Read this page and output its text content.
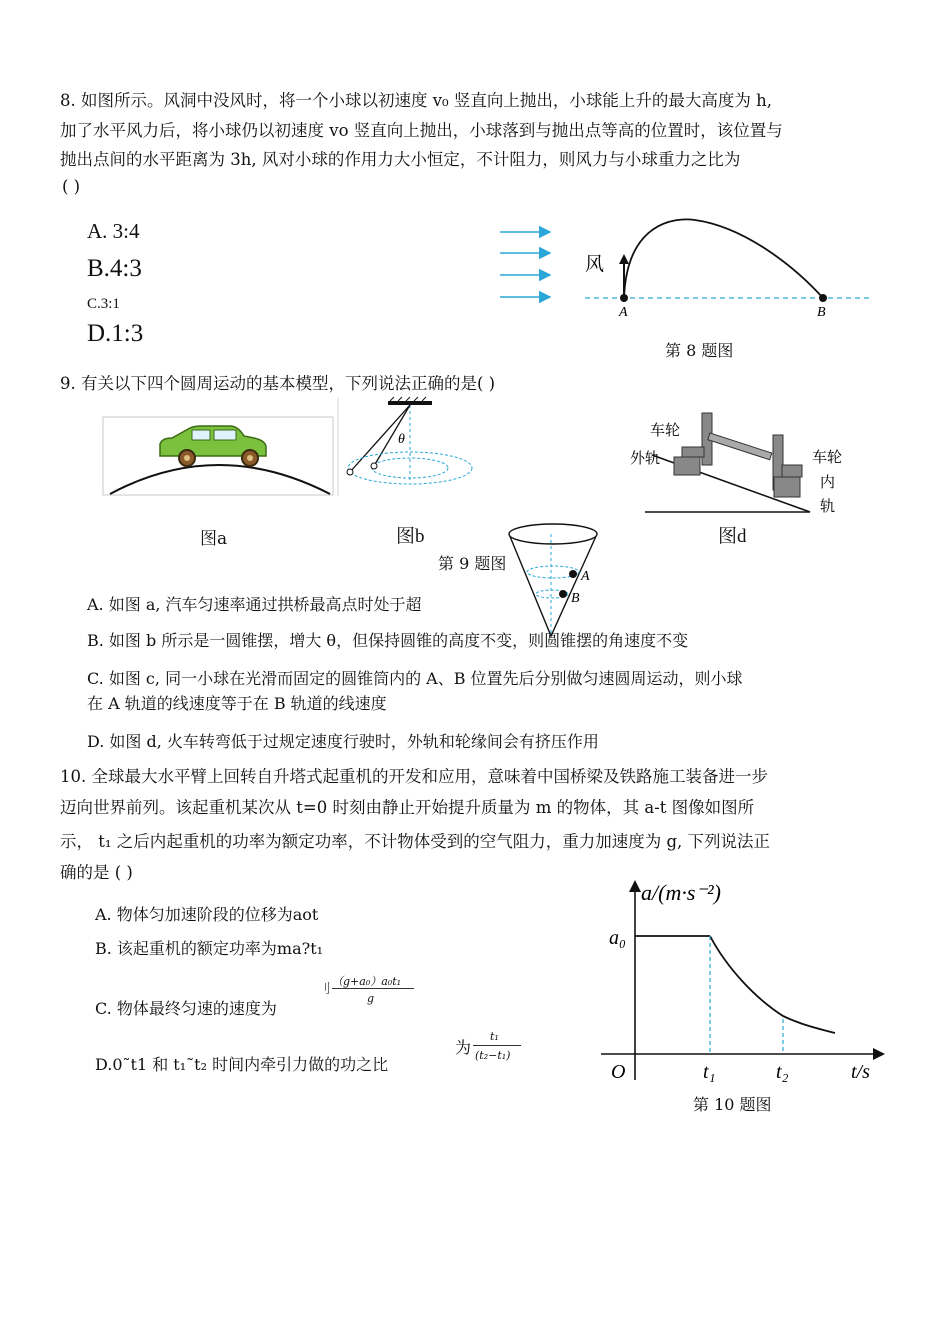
8. 如图所示。风洞中没风时，将一个小球以初速度 v₀ 竖直向上抛出，小球能上升的最大高度为 h,
加了水平风力后，将小球仍以初速度 vo 竖直向上抛出，小球落到与抛出点等高的位置时，该位置与
抛出点间的水平距离为 3h, 风对小球的作用力大小恒定，不计阻力，则风力与小球重力之比为
( )
A. 3:4
B.4:3
C.3:1
D.1:3
风
A	B
第 8 题图
9. 有关以下四个圆周运动的基本模型，下列说法正确的是( )
θ
车轮
外轨	车轮
内
轨
图a	图b	图d
第 9 题图
A
B
A. 如图 a, 汽车匀速率通过拱桥最高点时处于超
B. 如图 b 所示是一圆锥摆，增大 θ，但保持圆锥的高度不变，则圆锥摆的角速度不变
C. 如图 c, 同一小球在光滑而固定的圆锥筒内的 A、B 位置先后分别做匀速圆周运动，则小球
在 A 轨道的线速度等于在 B 轨道的线速度
D. 如图 d, 火车转弯低于过规定速度行驶时，外轨和轮缘间会有挤压作用
10. 全球最大水平臂上回转自升塔式起重机的开发和应用，意味着中国桥梁及铁路施工装备进一步
迈向世界前列。该起重机某次从 t=0 时刻由静止开始提升质量为 m 的物体，其 a-t 图像如图所
示， t₁ 之后内起重机的功率为额定功率，不计物体受到的空气阻力，重力加速度为 g, 下列说法正
确的是 ( )
A. 物体匀加速阶段的位移为aot
B. 该起重机的额定功率为ma?t₁
C. 物体最终匀速的速度为
刂
（g+a₀）a₀t₁
g
D.0˜t1 和 t₁˜t₂ 时间内牵引力做的功之比
为
t₁
(t₂−t₁)
a/(m·s⁻²)
a₀
O	t₁	t₂	t/s
第 10 题图
